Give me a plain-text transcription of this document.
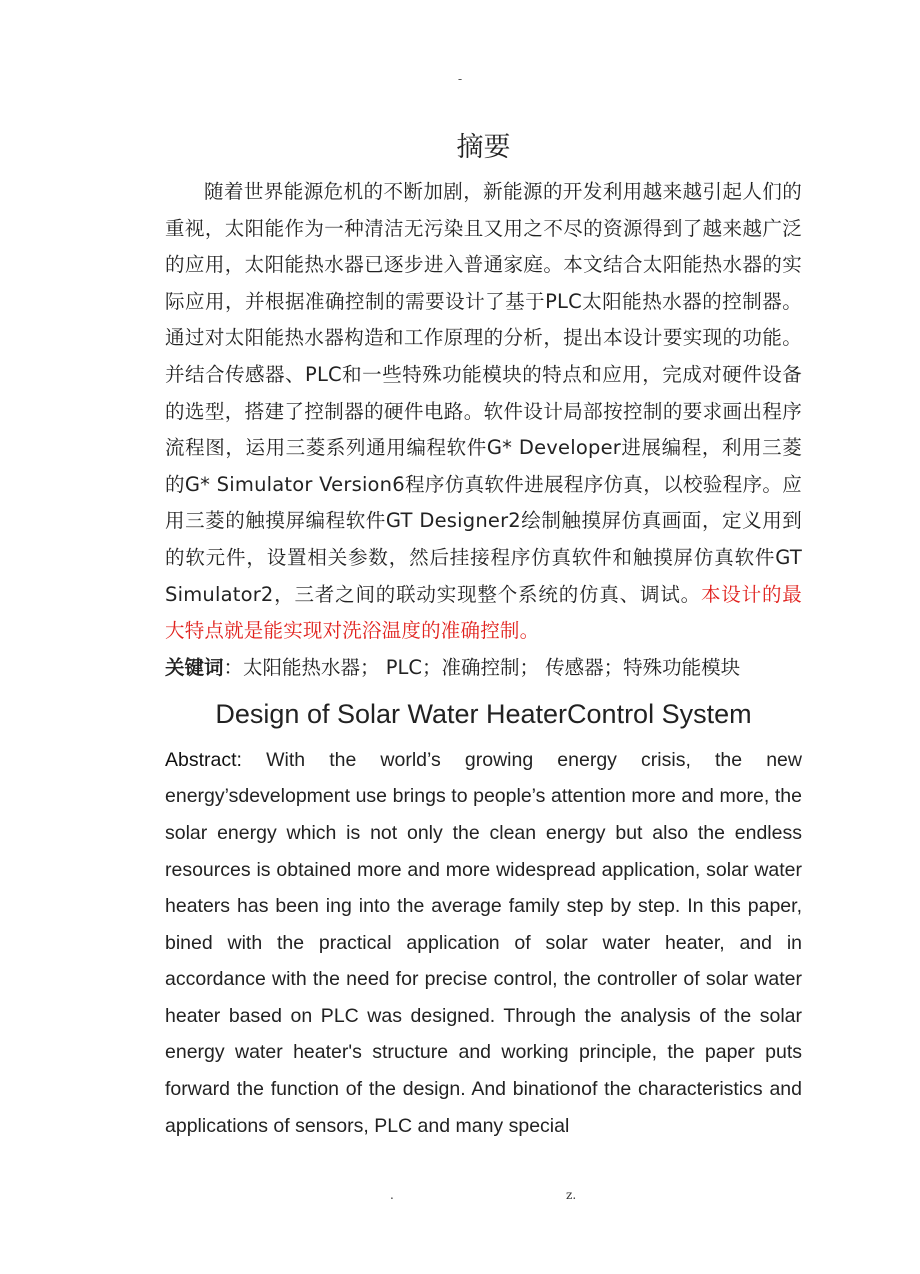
-
摘要

随着世界能源危机的不断加剧，新能源的开发利用越来越引起人们的重视，太阳能作为一种清洁无污染且又用之不尽的资源得到了越来越广泛的应用，太阳能热水器已逐步进入普通家庭。本文结合太阳能热水器的实际应用，并根据准确控制的需要设计了基于PLC太阳能热水器的控制器。通过对太阳能热水器构造和工作原理的分析，提出本设计要实现的功能。并结合传感器、PLC和一些特殊功能模块的特点和应用，完成对硬件设备的选型，搭建了控制器的硬件电路。软件设计局部按控制的要求画出程序流程图，运用三菱系列通用编程软件G* Developer进展编程，利用三菱的G* Simulator Version6程序仿真软件进展程序仿真，以校验程序。应用三菱的触摸屏编程软件GT Designer2绘制触摸屏仿真画面，定义用到的软元件，设置相关参数，然后挂接程序仿真软件和触摸屏仿真软件GT Simulator2，三者之间的联动实现整个系统的仿真、调试。本设计的最大特点就是能实现对洗浴温度的准确控制。

关键词：太阳能热水器； PLC；准确控制； 传感器；特殊功能模块

Design of Solar Water HeaterControl System

Abstract: With the world’s growing energy crisis, the new energy’sdevelopment use brings to people’s attention more and more, the solar energy which is not only the clean energy but also the endless resources is obtained more and more widespread application, solar water heaters has been ing into the average family step by step. In this paper, bined with the practical application of solar water heater, and in accordance with the need for precise control, the controller of solar water heater based on PLC was designed. Through the analysis of the solar energy water heater's structure and working principle, the paper puts forward the function of the design. And binationof the characteristics and applications of sensors, PLC and many special

.	z.
